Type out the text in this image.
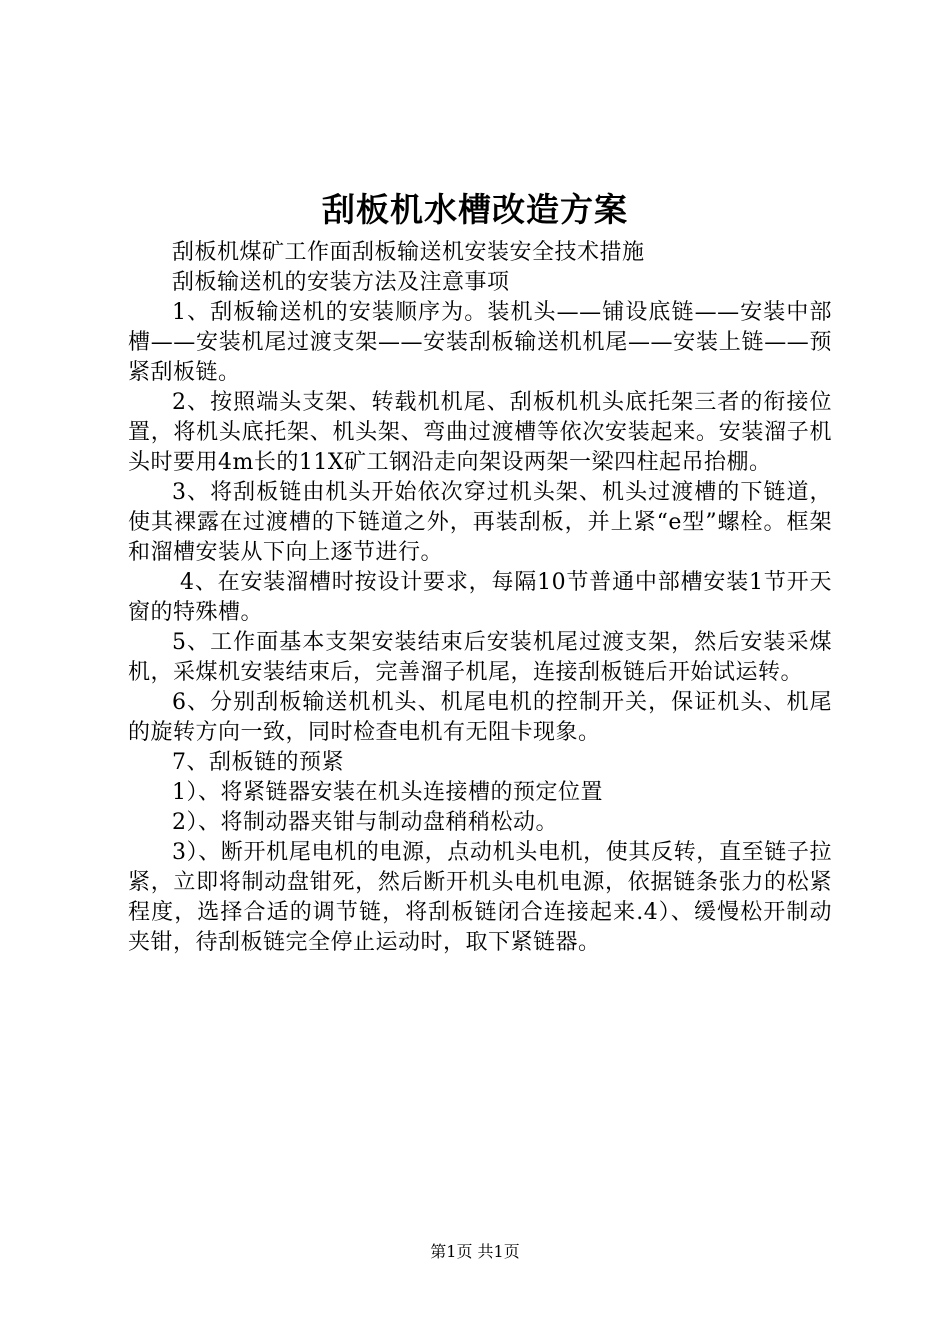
刮板机水槽改造方案

刮板机煤矿工作面刮板输送机安装安全技术措施

刮板输送机的安装方法及注意事项

1、刮板输送机的安装顺序为。装机头——铺设底链——安装中部槽——安装机尾过渡支架——安装刮板输送机机尾——安装上链——预紧刮板链。

2、按照端头支架、转载机机尾、刮板机机头底托架三者的衔接位置，将机头底托架、机头架、弯曲过渡槽等依次安装起来。安装溜子机头时要用4m长的11X矿工钢沿走向架设两架一梁四柱起吊抬棚。

3、将刮板链由机头开始依次穿过机头架、机头过渡槽的下链道，使其裸露在过渡槽的下链道之外，再装刮板，并上紧“e型”螺栓。框架和溜槽安装从下向上逐节进行。

4、在安装溜槽时按设计要求，每隔10节普通中部槽安装1节开天窗的特殊槽。

5、工作面基本支架安装结束后安装机尾过渡支架，然后安装采煤机，采煤机安装结束后，完善溜子机尾，连接刮板链后开始试运转。

6、分别刮板输送机机头、机尾电机的控制开关，保证机头、机尾的旋转方向一致，同时检查电机有无阻卡现象。

7、刮板链的预紧

1）、将紧链器安装在机头连接槽的预定位置

2）、将制动器夹钳与制动盘稍稍松动。

3）、断开机尾电机的电源，点动机头电机，使其反转，直至链子拉紧，立即将制动盘钳死，然后断开机头电机电源，依据链条张力的松紧程度，选择合适的调节链，将刮板链闭合连接起来.4）、缓慢松开制动夹钳，待刮板链完全停止运动时，取下紧链器。

第1页 共1页
